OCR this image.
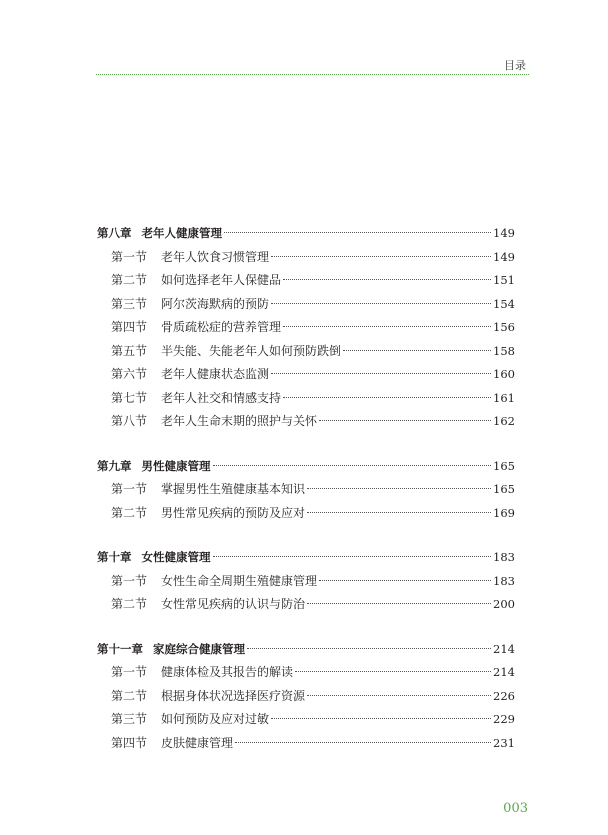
目录
第八章 老年人健康管理	149
第一节 老年人饮食习惯管理	149
第二节 如何选择老年人保健品	151
第三节 阿尔茨海默病的预防	154
第四节 骨质疏松症的营养管理	156
第五节 半失能、失能老年人如何预防跌倒	158
第六节 老年人健康状态监测	160
第七节 老年人社交和情感支持	161
第八节 老年人生命末期的照护与关怀	162
第九章 男性健康管理	165
第一节 掌握男性生殖健康基本知识	165
第二节 男性常见疾病的预防及应对	169
第十章 女性健康管理	183
第一节 女性生命全周期生殖健康管理	183
第二节 女性常见疾病的认识与防治	200
第十一章 家庭综合健康管理	214
第一节 健康体检及其报告的解读	214
第二节 根据身体状况选择医疗资源	226
第三节 如何预防及应对过敏	229
第四节 皮肤健康管理	231
003
